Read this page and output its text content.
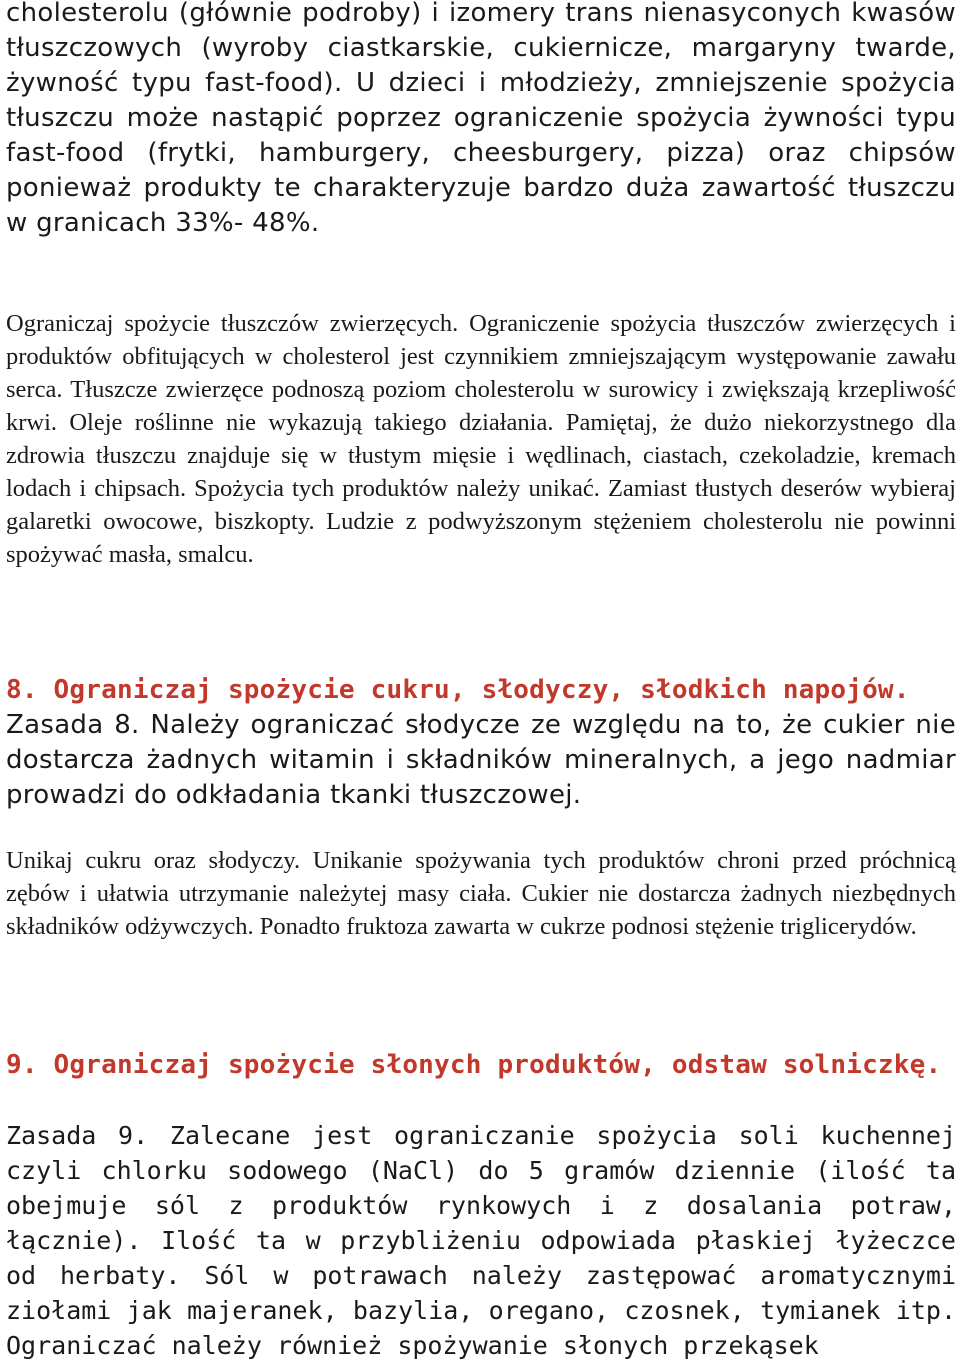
cholesterolu (głównie podroby) i izomery trans nienasyconych kwasów tłuszczowych (wyroby ciastkarskie, cukiernicze, margaryny twarde, żywność typu fast-food). U dzieci i młodzieży, zmniejszenie spożycia tłuszczu może nastąpić poprzez ograniczenie spożycia żywności typu fast-food (frytki, hamburgery, cheesburgery, pizza) oraz chipsów ponieważ produkty te charakteryzuje bardzo duża zawartość tłuszczu w granicach 33%- 48%.

Ograniczaj spożycie tłuszczów zwierzęcych. Ograniczenie spożycia tłuszczów zwierzęcych i produktów obfitujących w cholesterol jest czynnikiem zmniejszającym występowanie zawału serca. Tłuszcze zwierzęce podnoszą poziom cholesterolu w surowicy i zwiększają krzepliwość krwi. Oleje roślinne nie wykazują takiego działania. Pamiętaj, że dużo niekorzystnego dla zdrowia tłuszczu znajduje się w tłustym mięsie i wędlinach, ciastach, czekoladzie, kremach lodach i chipsach. Spożycia tych produktów należy unikać. Zamiast tłustych deserów wybieraj galaretki owocowe, biszkopty. Ludzie z podwyższonym stężeniem cholesterolu nie powinni spożywać masła, smalcu.

8. Ograniczaj spożycie cukru, słodyczy, słodkich napojów.

Zasada 8. Należy ograniczać słodycze ze względu na to, że cukier nie dostarcza żadnych witamin i składników mineralnych, a jego nadmiar prowadzi do odkładania tkanki tłuszczowej.

Unikaj cukru oraz słodyczy. Unikanie spożywania tych produktów chroni przed próchnicą zębów i ułatwia utrzymanie należytej masy ciała. Cukier nie dostarcza żadnych niezbędnych składników odżywczych. Ponadto fruktoza zawarta w cukrze podnosi stężenie triglicerydów.

9. Ograniczaj spożycie słonych produktów, odstaw solniczkę.

Zasada 9. Zalecane jest ograniczanie spożycia soli kuchennej czyli chlorku sodowego (NaCl) do 5 gramów dziennie (ilość ta obejmuje sól z produktów rynkowych i z dosalania potraw, łącznie). Ilość ta w przybliżeniu odpowiada płaskiej łyżeczce od herbaty. Sól w potrawach należy zastępować aromatycznymi ziołami jak majeranek, bazylia, oregano, czosnek, tymianek itp. Ograniczać należy również spożywanie słonych przekąsek
